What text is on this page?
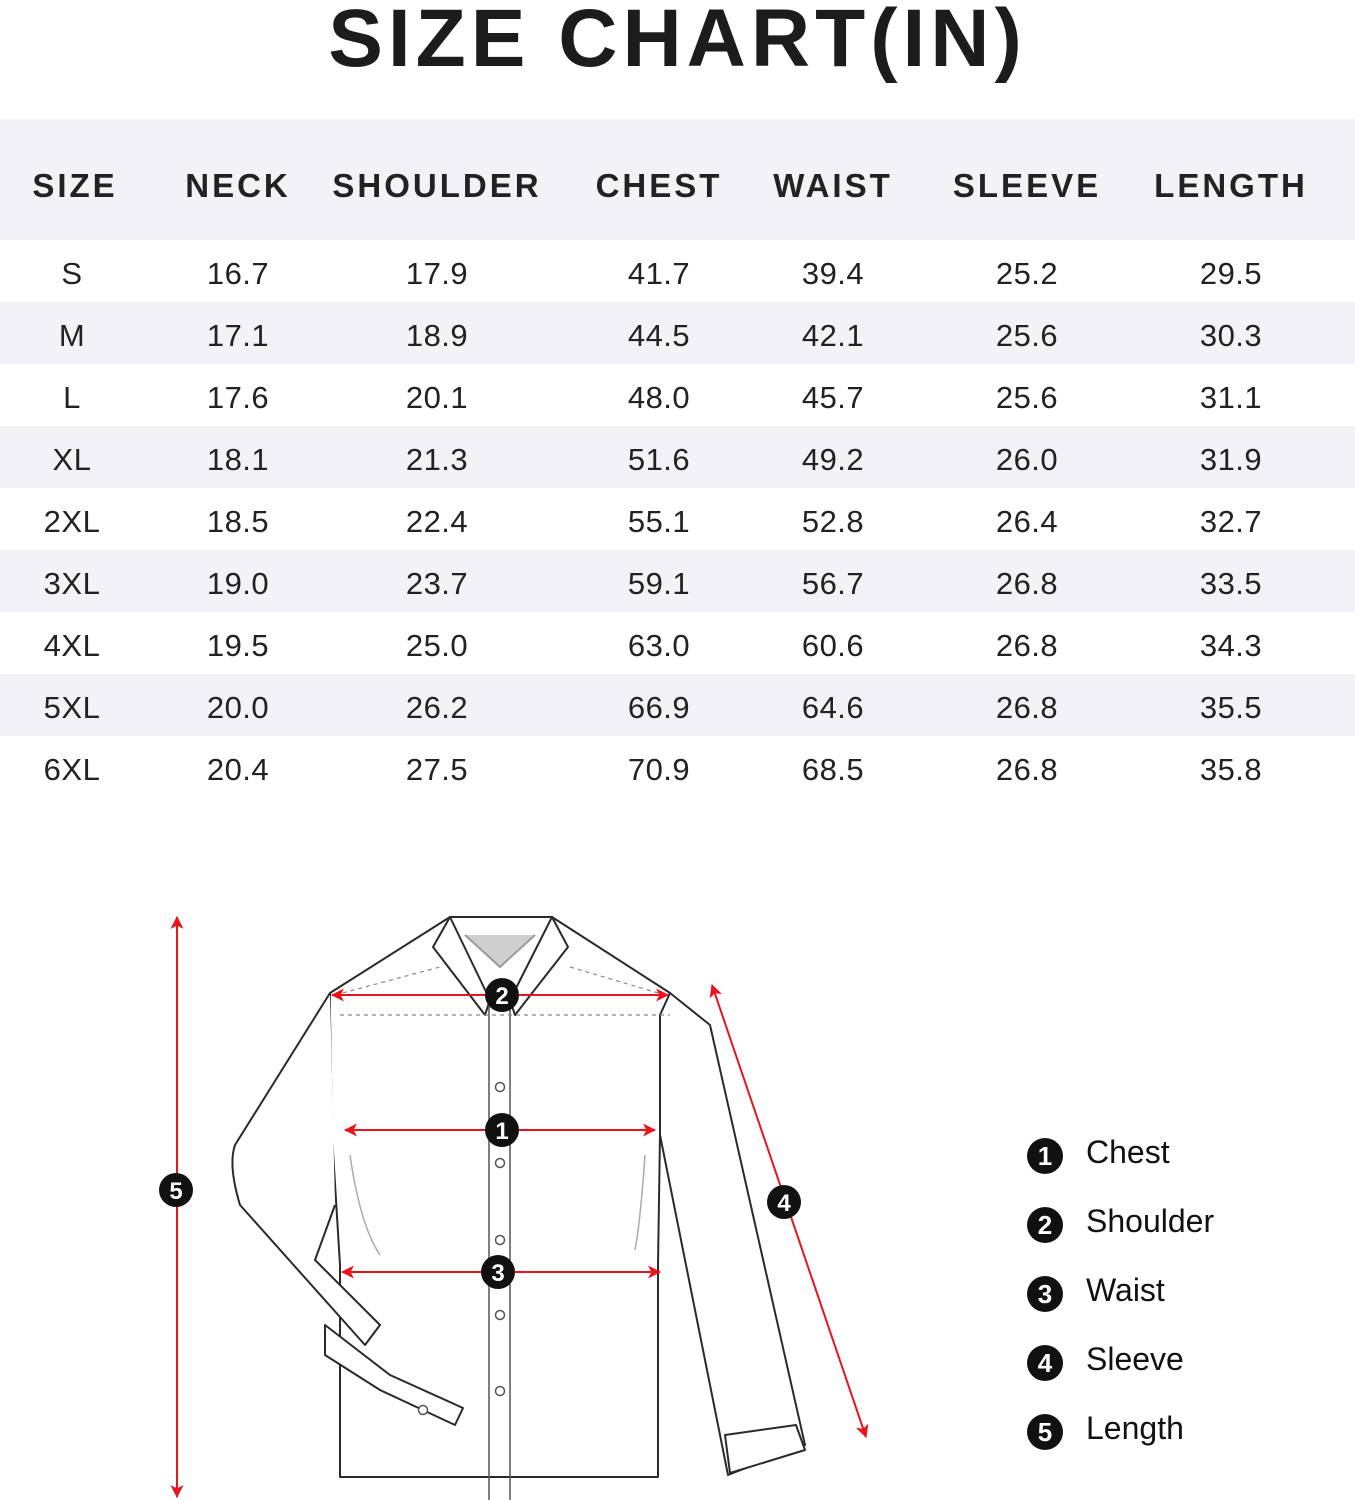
SIZE CHART(IN)
SIZE NECK SHOULDER CHEST WAIST SLEEVE LENGTH
S	16.7	17.9	41.7	39.4	25.2	29.5
M	17.1	18.9	44.5	42.1	25.6	30.3
L	17.6	20.1	48.0	45.7	25.6	31.1
XL	18.1	21.3	51.6	49.2	26.0	31.9
2XL	18.5	22.4	55.1	52.8	26.4	32.7
3XL	19.0	23.7	59.1	56.7	26.8	33.5
4XL	19.5	25.0	63.0	60.6	26.8	34.3
5XL	20.0	26.2	66.9	64.6	26.8	35.5
6XL	20.4	27.5	70.9	68.5	26.8	35.8
2
1
3
4
5
1	Chest
2	Shoulder
3	Waist
4	Sleeve
5	Length
